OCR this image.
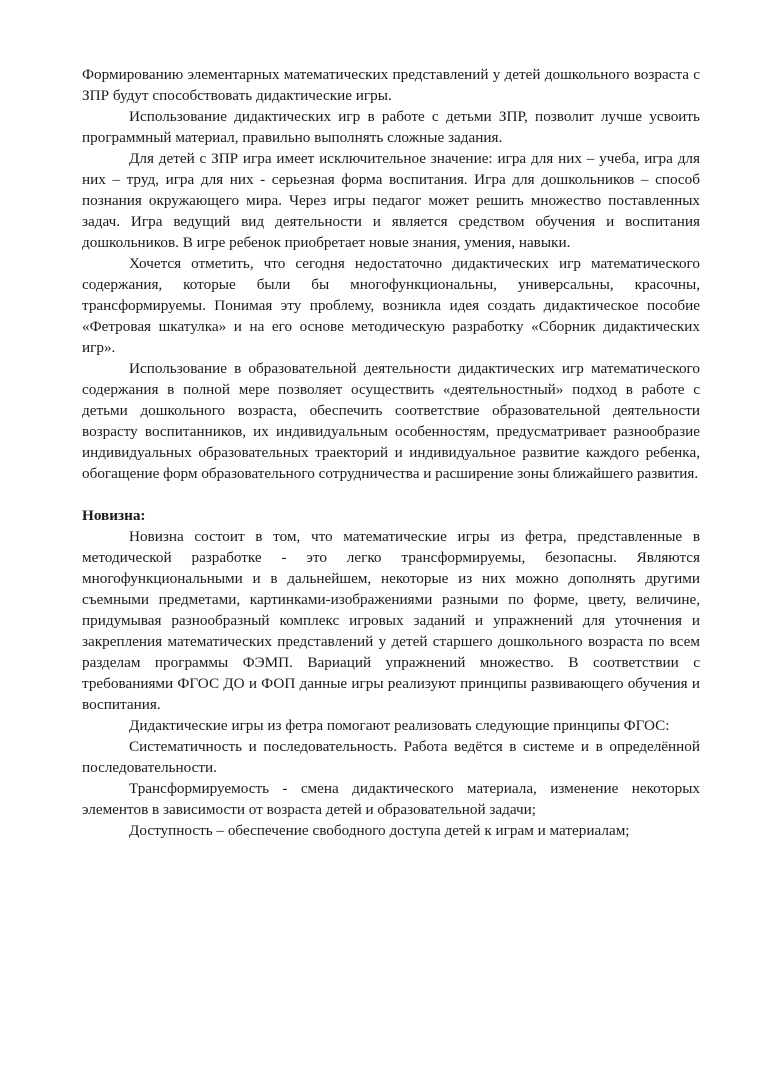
Формированию элементарных математических представлений у детей дошкольного возраста с ЗПР будут способствовать дидактические игры.

Использование дидактических игр в работе с детьми ЗПР, позволит лучше усвоить программный материал, правильно выполнять сложные задания.

Для детей с ЗПР игра имеет исключительное значение: игра для них – учеба, игра для них – труд, игра для них - серьезная форма воспитания. Игра для дошкольников – способ познания окружающего мира. Через игры педагог может решить множество поставленных задач. Игра ведущий вид деятельности и является средством обучения и воспитания дошкольников. В игре ребенок приобретает новые знания, умения, навыки.

Хочется отметить, что сегодня недостаточно дидактических игр математического содержания, которые были бы многофункциональны, универсальны, красочны, трансформируемы. Понимая эту проблему, возникла идея создать дидактическое пособие «Фетровая шкатулка» и на его основе методическую разработку «Сборник дидактических игр».

Использование в образовательной деятельности дидактических игр математического содержания в полной мере позволяет осуществить «деятельностный» подход в работе с детьми дошкольного возраста, обеспечить соответствие образовательной деятельности возрасту воспитанников, их индивидуальным особенностям, предусматривает разнообразие индивидуальных образовательных траекторий и индивидуальное развитие каждого ребенка, обогащение форм образовательного сотрудничества и расширение зоны ближайшего развития.

Новизна:

Новизна состоит в том, что математические игры из фетра, представленные в методической разработке - это легко трансформируемы, безопасны. Являются многофункциональными и в дальнейшем, некоторые из них можно дополнять другими съемными предметами, картинками-изображениями разными по форме, цвету, величине, придумывая разнообразный комплекс игровых заданий и упражнений для уточнения и закрепления математических представлений у детей старшего дошкольного возраста по всем разделам программы ФЭМП. Вариаций упражнений множество. В соответствии с требованиями ФГОС ДО и ФОП данные игры реализуют принципы развивающего обучения и воспитания.

Дидактические игры из фетра помогают реализовать следующие принципы ФГОС:

Систематичность и последовательность. Работа ведётся в системе и в определённой последовательности.

Трансформируемость - смена дидактического материала, изменение некоторых элементов в зависимости от возраста детей и образовательной задачи;

Доступность – обеспечение свободного доступа детей к играм и материалам;
